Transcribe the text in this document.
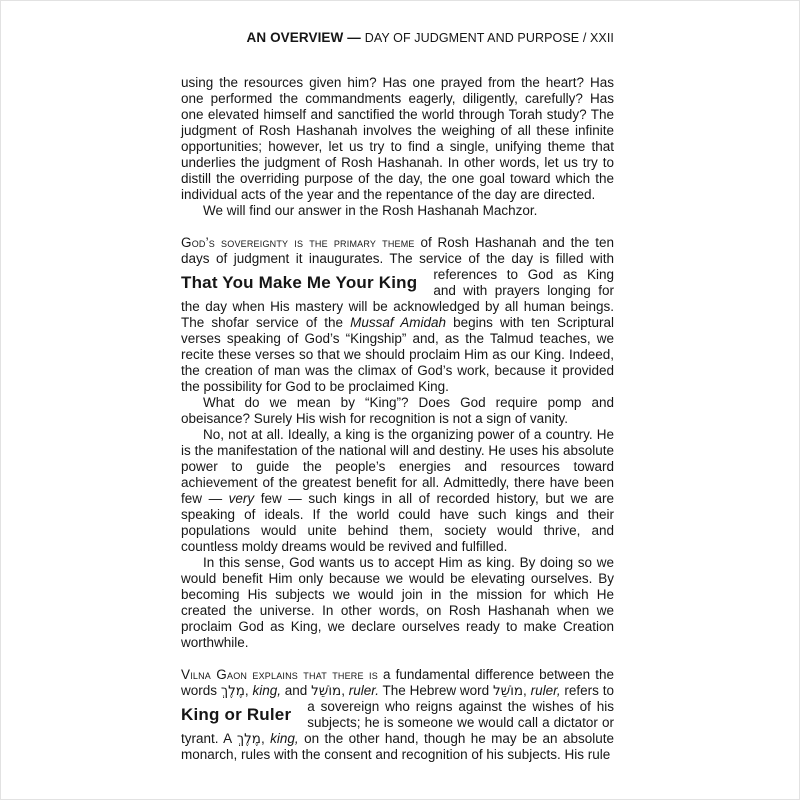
AN OVERVIEW — DAY OF JUDGMENT AND PURPOSE / XXII

using the resources given him? Has one prayed from the heart? Has one performed the commandments eagerly, diligently, carefully? Has one elevated himself and sanctified the world through Torah study? The judgment of Rosh Hashanah involves the weighing of all these infinite opportunities; however, let us try to find a single, unifying theme that underlies the judgment of Rosh Hashanah. In other words, let us try to distill the overriding purpose of the day, the one goal toward which the individual acts of the year and the repentance of the day are directed.

We will find our answer in the Rosh Hashanah Machzor.

God’s sovereignty is the primary theme of Rosh Hashanah and the ten days of judgment it inaugurates. The service of the day is filled with
That You Make Me Your King	references to God as King and with prayers longing for the day when His mastery will be acknowledged by all human beings. The shofar service of the Mussaf Amidah begins with ten Scriptural verses speaking of God’s “Kingship” and, as the Talmud teaches, we recite these verses so that we should proclaim Him as our King. Indeed, the creation of man was the climax of God’s work, because it provided the possibility for God to be proclaimed King.

What do we mean by “King”? Does God require pomp and obeisance? Surely His wish for recognition is not a sign of vanity.

No, not at all. Ideally, a king is the organizing power of a country. He is the manifestation of the national will and destiny. He uses his absolute power to guide the people’s energies and resources toward achievement of the greatest benefit for all. Admittedly, there have been few — very few — such kings in all of recorded history, but we are speaking of ideals. If the world could have such kings and their populations would unite behind them, society would thrive, and countless moldy dreams would be revived and fulfilled.

In this sense, God wants us to accept Him as king. By doing so we would benefit Him only because we would be elevating ourselves. By becoming His subjects we would join in the mission for which He created the universe. In other words, on Rosh Hashanah when we proclaim God as King, we declare ourselves ready to make Creation worthwhile.

Vilna Gaon explains that there is a fundamental difference between the words מֶלֶךְ, king, and מוֹשֵׁל, ruler. The Hebrew word מוֹשֵׁל, ruler,
King or Ruler
refers to a sovereign who reigns against the wishes of his subjects; he is someone we would call a dictator or tyrant. A מֶלֶךְ, king, on the other hand, though he may be an absolute monarch, rules with the consent and recognition of his subjects. His rule
